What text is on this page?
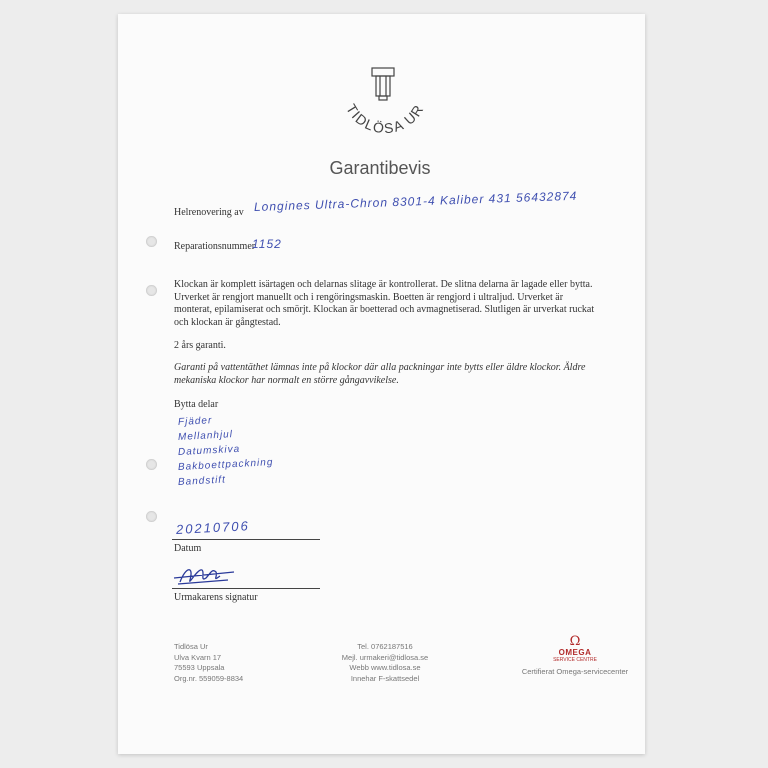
TIDLÖSA UR
Garantibevis
Helrenovering av Longines Ultra-Chron 8301-4 Kaliber 431 56432874
Reparationsnummer
1152
Klockan är komplett isärtagen och delarnas slitage är kontrollerat. De slitna delarna är lagade eller bytta. Urverket är rengjort manuellt och i rengöringsmaskin. Boetten är rengjord i ultraljud. Urverket är monterat, epilamiserat och smörjt. Klockan är boetterad och avmagnetiserad. Slutligen är urverkat ruckat och klockan är gångtestad.
2 års garanti.
Garanti på vattentäthet lämnas inte på klockor där alla packningar inte bytts eller äldre klockor. Äldre mekaniska klockor har normalt en större gångavvikelse.
Bytta delar
Fjäder
Mellanhjul
Datumskiva
Bakboettpackning
Bandstift
20210706
Datum
Urmakarens signatur
Tidlösa Ur
Ulva Kvarn 17
75593 Uppsala
Org.nr. 559059-8834
Tel. 0762187516
Mejl. urmakeri@tidlosa.se
Webb www.tidlosa.se
Innehar F-skattsedel
Ω
OMEGA
SERVICE CENTRE
Certifierat Omega-servicecenter
